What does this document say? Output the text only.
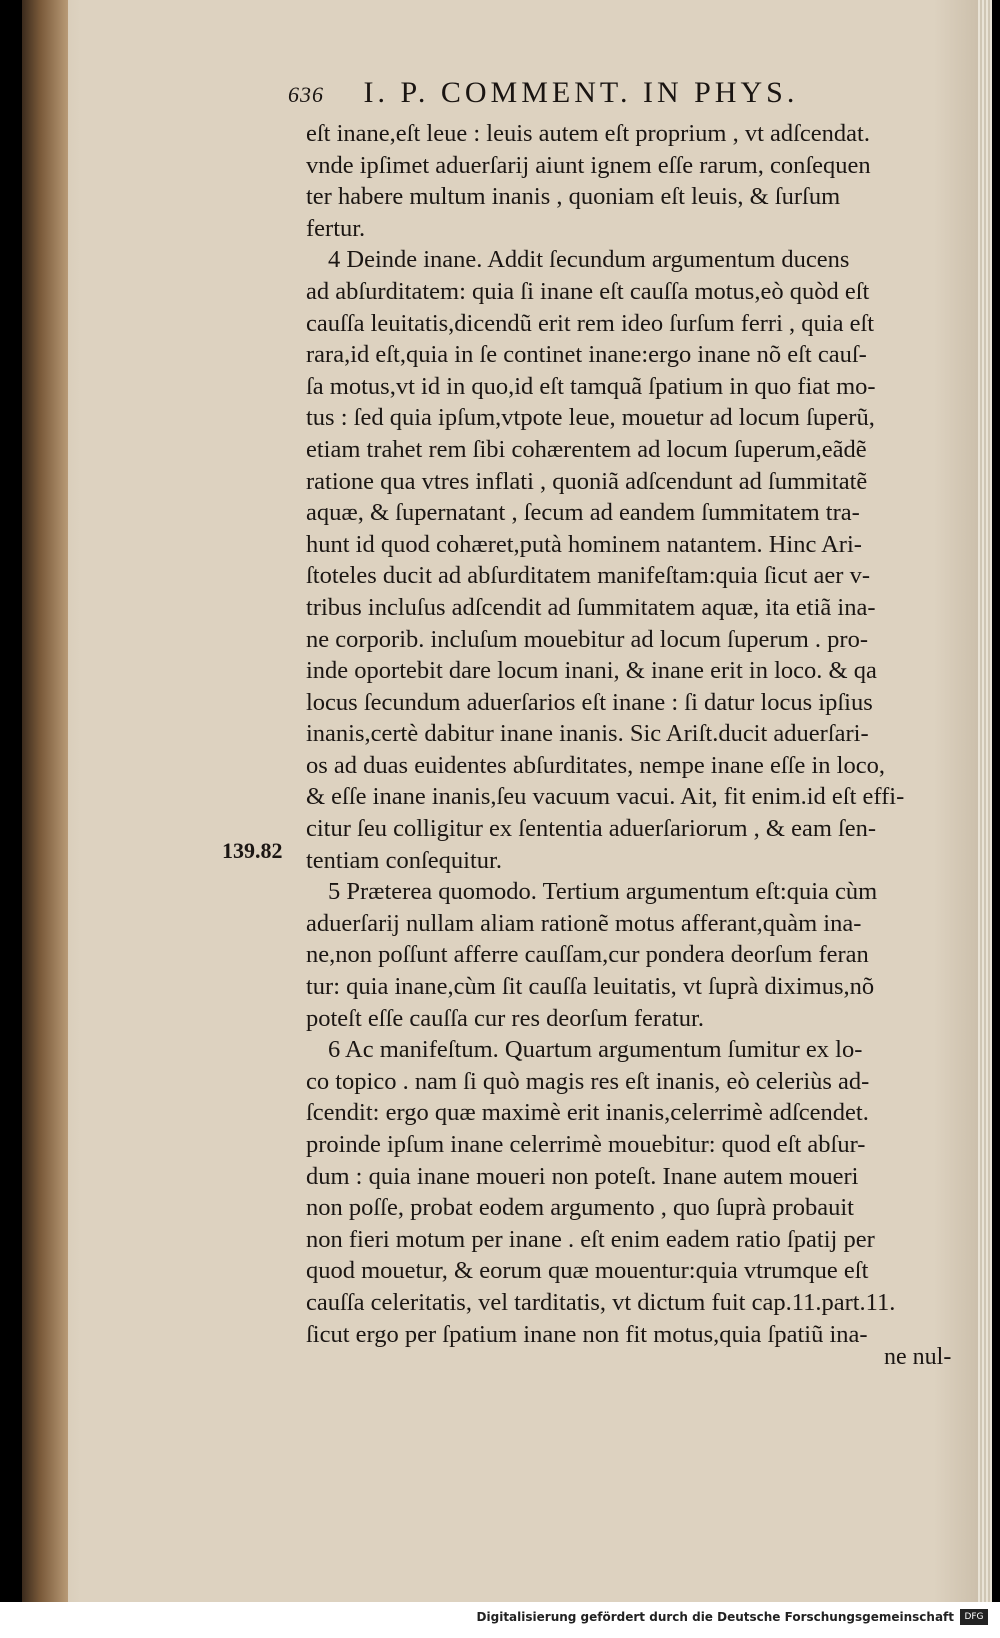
636 I. P. COMMENT. IN PHYS.
139.82
eſt inane,eſt leue : leuis autem eſt proprium , vt adſcendat.
vnde ipſimet aduerſarij aiunt ignem eſſe rarum, conſequen
ter habere multum inanis , quoniam eſt leuis, & ſurſum
fertur.
4 Deinde inane. Addit ſecundum argumentum ducens
ad abſurditatem: quia ſi inane eſt cauſſa motus,eò quòd eſt
cauſſa leuitatis,dicendũ erit rem ideo ſurſum ferri , quia eſt
rara,id eſt,quia in ſe continet inane:ergo inane nõ eſt cauſ-
ſa motus,vt id in quo,id eſt tamquã ſpatium in quo fiat mo-
tus : ſed quia ipſum,vtpote leue, mouetur ad locum ſuperũ,
etiam trahet rem ſibi cohærentem ad locum ſuperum,eãdẽ
ratione qua vtres inflati , quoniã adſcendunt ad ſummitatẽ
aquæ, & ſupernatant , ſecum ad eandem ſummitatem tra-
hunt id quod cohæret,putà hominem natantem. Hinc Ari-
ſtoteles ducit ad abſurditatem manifeſtam:quia ſicut aer v-
tribus incluſus adſcendit ad ſummitatem aquæ, ita etiã ina-
ne corporib. incluſum mouebitur ad locum ſuperum . pro-
inde oportebit dare locum inani, & inane erit in loco. & qa
locus ſecundum aduerſarios eſt inane : ſi datur locus ipſius
inanis,certè dabitur inane inanis. Sic Ariſt.ducit aduerſari-
os ad duas euidentes abſurditates, nempe inane eſſe in loco,
& eſſe inane inanis,ſeu vacuum vacui. Ait, fit enim.id eſt effi-
citur ſeu colligitur ex ſententia aduerſariorum , & eam ſen-
tentiam conſequitur.
5 Præterea quomodo. Tertium argumentum eſt:quia cùm
aduerſarij nullam aliam rationẽ motus afferant,quàm ina-
ne,non poſſunt afferre cauſſam,cur pondera deorſum feran
tur: quia inane,cùm ſit cauſſa leuitatis, vt ſuprà diximus,nõ
poteſt eſſe cauſſa cur res deorſum feratur.
6 Ac manifeſtum. Quartum argumentum ſumitur ex lo-
co topico . nam ſi quò magis res eſt inanis, eò celeriùs ad-
ſcendit: ergo quæ maximè erit inanis,celerrimè adſcendet.
proinde ipſum inane celerrimè mouebitur: quod eſt abſur-
dum : quia inane moueri non poteſt. Inane autem moueri
non poſſe, probat eodem argumento , quo ſuprà probauit
non fieri motum per inane . eſt enim eadem ratio ſpatij per
quod mouetur, & eorum quæ mouentur:quia vtrumque eſt
cauſſa celeritatis, vel tarditatis, vt dictum fuit cap.11.part.11.
ſicut ergo per ſpatium inane non fit motus,quia ſpatiũ ina-
ne nul-
Digitalisierung gefördert durch die Deutsche Forschungsgemeinschaft	DFG
